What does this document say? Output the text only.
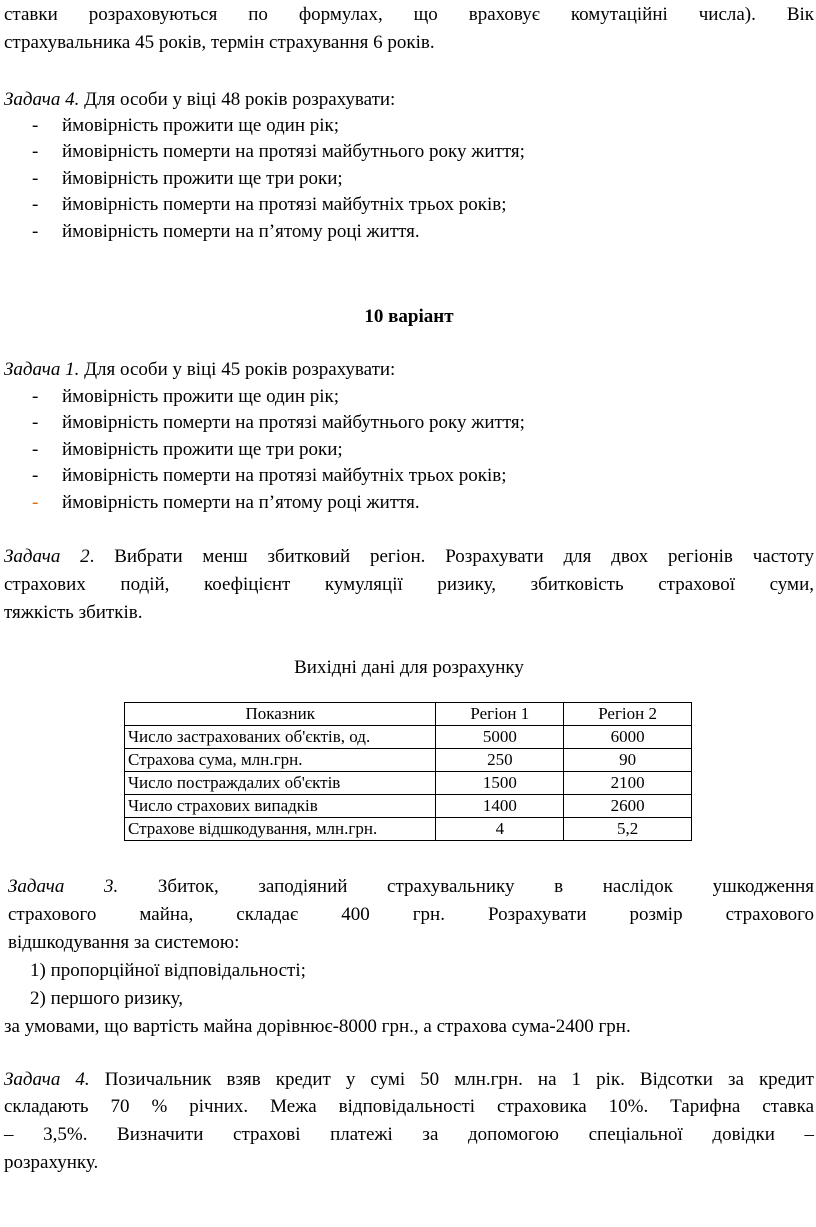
ставки розраховуються по формулах, що враховує комутаційні числа). Вік
страхувальника 45 років, термін страхування 6 років.
Задача 4. Для особи у віці 48 років розрахувати:
- ймовірність прожити ще один рік;
- ймовірність померти на протязі майбутнього року життя;
- ймовірність прожити ще три роки;
- ймовірність померти на протязі майбутніх трьох років;
- ймовірність померти на п’ятому році життя.
10 варіант
Задача 1. Для особи у віці 45 років розрахувати:
- ймовірність прожити ще один рік;
- ймовірність померти на протязі майбутнього року життя;
- ймовірність прожити ще три роки;
- ймовірність померти на протязі майбутніх трьох років;
- ймовірність померти на п’ятому році життя.
Задача 2. Вибрати менш збитковий регіон. Розрахувати для двох регіонів частоту
страхових подій, коефіцієнт кумуляції ризику, збитковість страхової суми,
тяжкість збитків.
Вихідні дані для розрахунку
Показник	Регіон 1	Регіон 2
Число застрахованих об'єктів, од.	5000	6000
Страхова сума, млн.грн.	250	90
Число постраждалих об'єктів	1500	2100
Число страхових випадків	1400	2600
Страхове відшкодування, млн.грн.	4	5,2
Задача 3. Збиток, заподіяний страхувальнику в наслідок ушкодження
страхового майна, складає 400 грн. Розрахувати розмір страхового
відшкодування за системою:
1) пропорційної відповідальності;
2) першого ризику,
за умовами, що вартість майна дорівнює-8000 грн., а страхова сума-2400 грн.
Задача 4. Позичальник взяв кредит у сумі 50 млн.грн. на 1 рік. Відсотки за кредит
складають 70 % річних. Межа відповідальності страховика 10%. Тарифна ставка
– 3,5%. Визначити страхові платежі за допомогою спеціальної довідки –
розрахунку.
